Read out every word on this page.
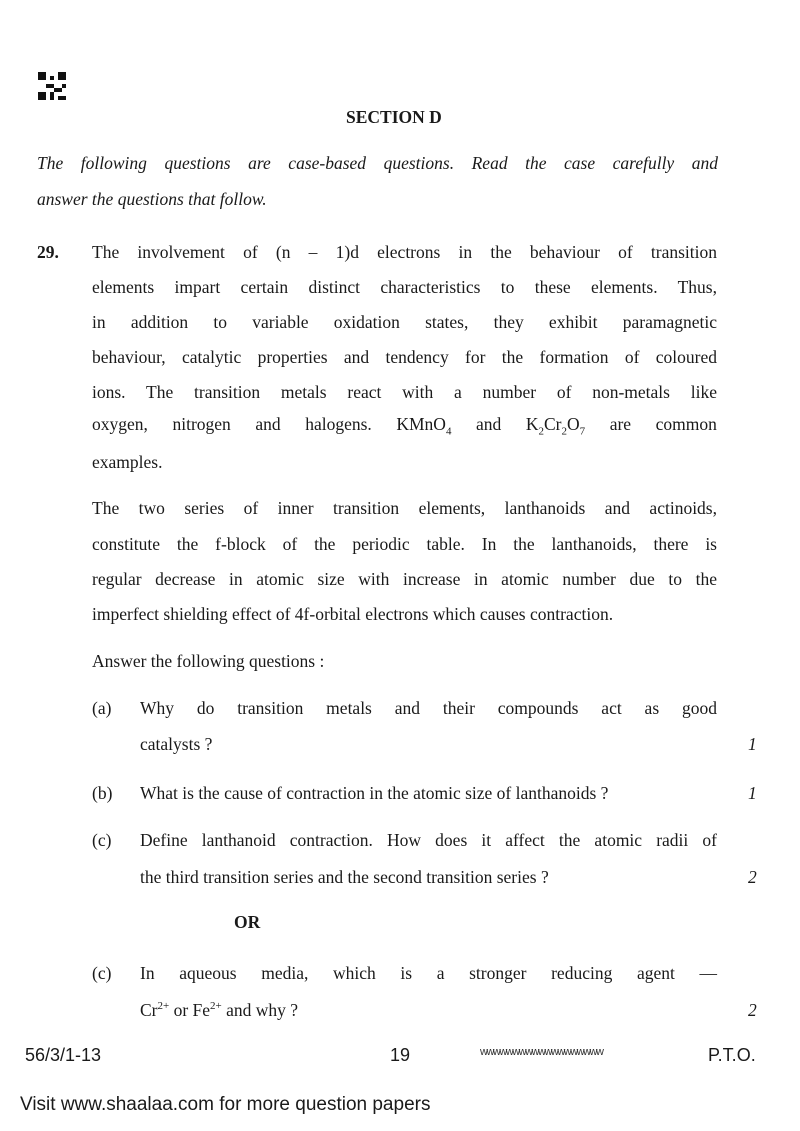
SECTION D
The following questions are case-based questions. Read the case carefully and
answer the questions that follow.
29. The involvement of (n – 1)d electrons in the behaviour of transition
elements impart certain distinct characteristics to these elements. Thus,
in addition to variable oxidation states, they exhibit paramagnetic
behaviour, catalytic properties and tendency for the formation of coloured
ions. The transition metals react with a number of non-metals like
oxygen, nitrogen and halogens. KMnO$_4$ and $K_2Cr_2O_7$ are common
examples.
The two series of inner transition elements, lanthanoids and actinoids,
constitute the f-block of the periodic table. In the lanthanoids, there is
regular decrease in atomic size with increase in atomic number due to the
imperfect shielding effect of 4f-orbital electrons which causes contraction.
Answer the following questions :
(a) Why do transition metals and their compounds act as good
catalysts ?	1
(b) What is the cause of contraction in the atomic size of lanthanoids ?	1
(c) Define lanthanoid contraction. How does it affect the atomic radii of
the third transition series and the second transition series ?	2
OR
(c) In aqueous media, which is a stronger reducing agent —
$Cr^{2+}$ or $Fe^{2+}$ and why ?	2
56/3/1-13	19	wwwwwwwwwwwwwwwwwww	P.T.O.
Visit www.shaalaa.com for more question papers
